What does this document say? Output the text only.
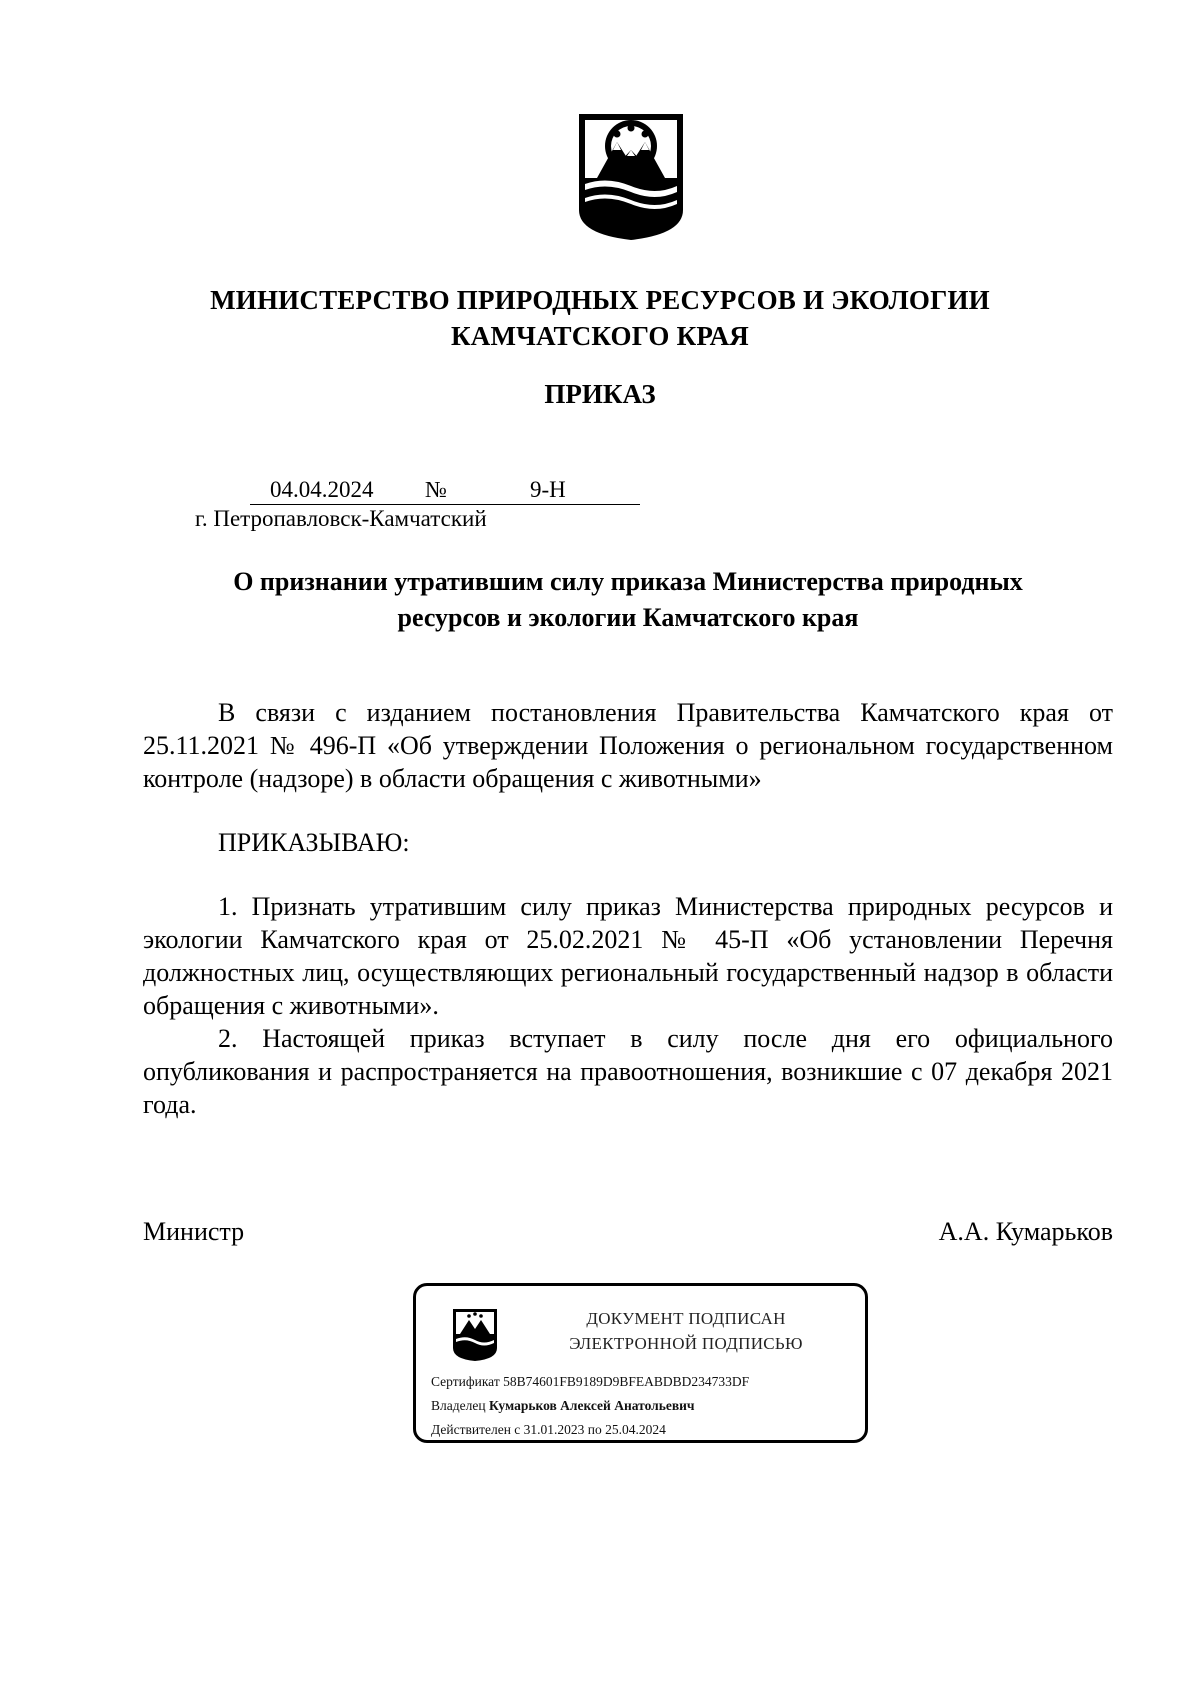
МИНИСТЕРСТВО ПРИРОДНЫХ РЕСУРСОВ И ЭКОЛОГИИ
КАМЧАТСКОГО КРАЯ
ПРИКАЗ
04.04.2024 №	9-Н
г. Петропавловск-Камчатский
О признании утратившим силу приказа Министерства природных
ресурсов и экологии Камчатского края
В связи с изданием постановления Правительства Камчатского края от 25.11.2021 № 496-П «Об утверждении Положения о региональном государственном контроле (надзоре) в области обращения с животными»
ПРИКАЗЫВАЮ:
1. Признать утратившим силу приказ Министерства природных ресурсов и экологии Камчатского края от 25.02.2021 № 45-П «Об установлении Перечня должностных лиц, осуществляющих региональный государственный надзор в области обращения с животными».
2. Настоящей приказ вступает в силу после дня его официального опубликования и распространяется на правоотношения, возникшие с 07 декабря 2021 года.
Министр	А.А. Кумарьков
ДОКУМЕНТ ПОДПИСАН
ЭЛЕКТРОННОЙ ПОДПИСЬЮ
Сертификат 58B74601FB9189D9BFEABDBD234733DF
Владелец Кумарьков Алексей Анатольевич
Действителен с 31.01.2023 по 25.04.2024
